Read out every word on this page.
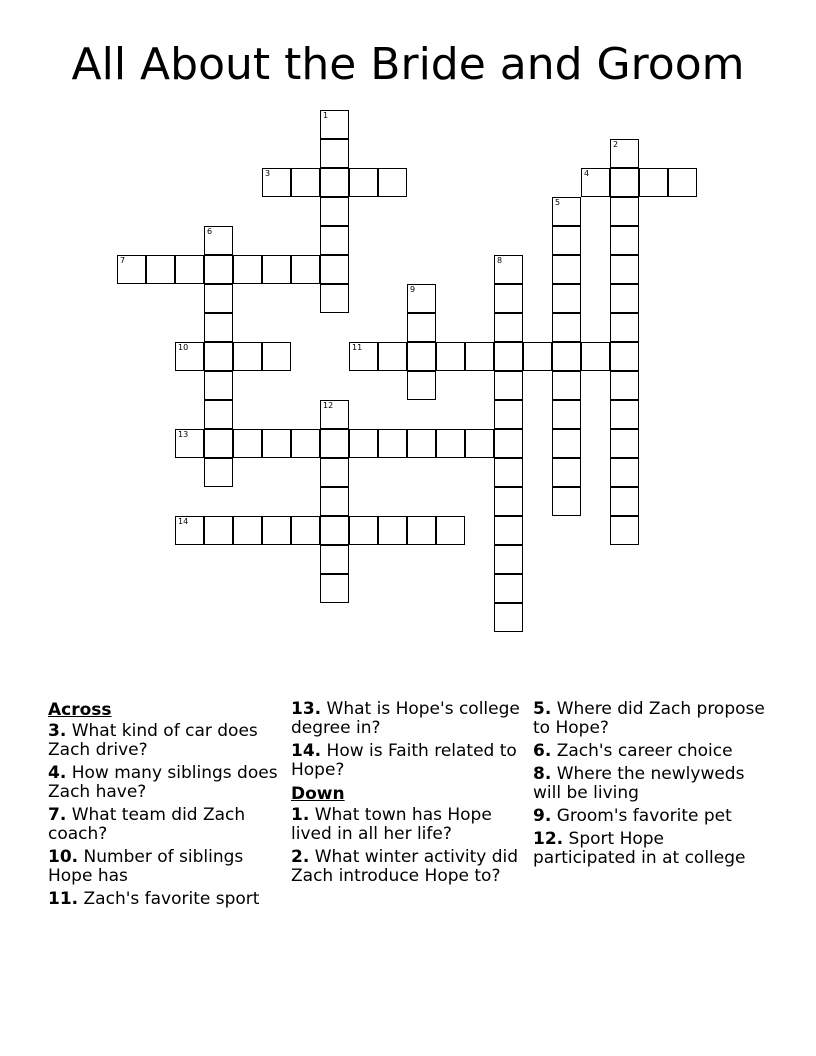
All About the Bride and Groom
1
2
3	4
5
6
7	8
9
10	11
12
13
14
Across
3. What kind of car does Zach drive?
4. How many siblings does Zach have?
7. What team did Zach coach?
10. Number of siblings Hope has
11. Zach's favorite sport
13. What is Hope's college degree in?
14. How is Faith related to Hope?
Down
1. What town has Hope lived in all her life?
2. What winter activity did Zach introduce Hope to?
5. Where did Zach propose to Hope?
6. Zach's career choice
8. Where the newlyweds will be living
9. Groom's favorite pet
12. Sport Hope participated in at college
